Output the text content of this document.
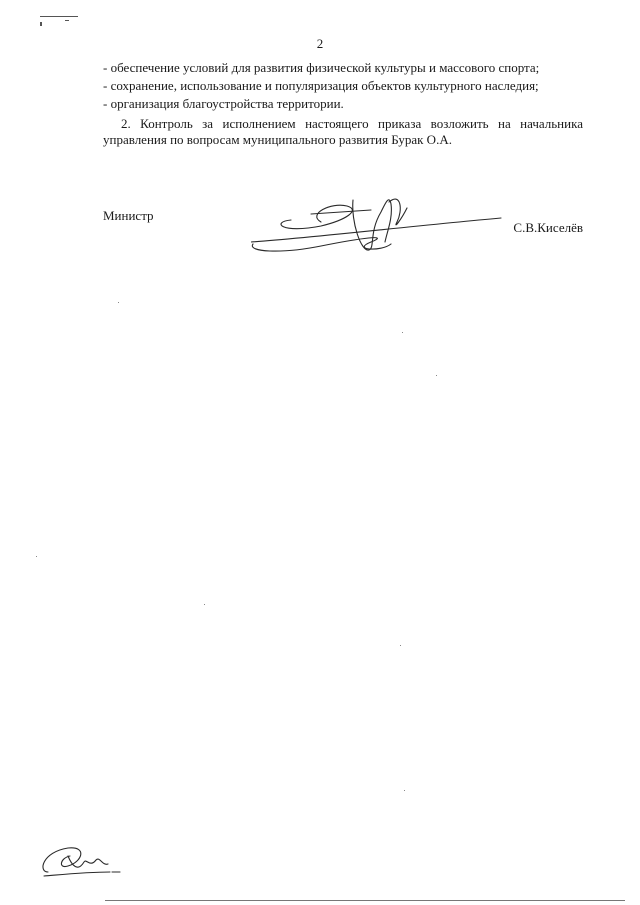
2

- обеспечение условий для развития физической культуры и массового спорта;

- сохранение, использование и популяризация объектов культурного наследия;

- организация благоустройства территории.

2. Контроль за исполнением настоящего приказа возложить на начальника управления по вопросам муниципального развития Бурак О.А.

Министр
С.В.Киселёв
